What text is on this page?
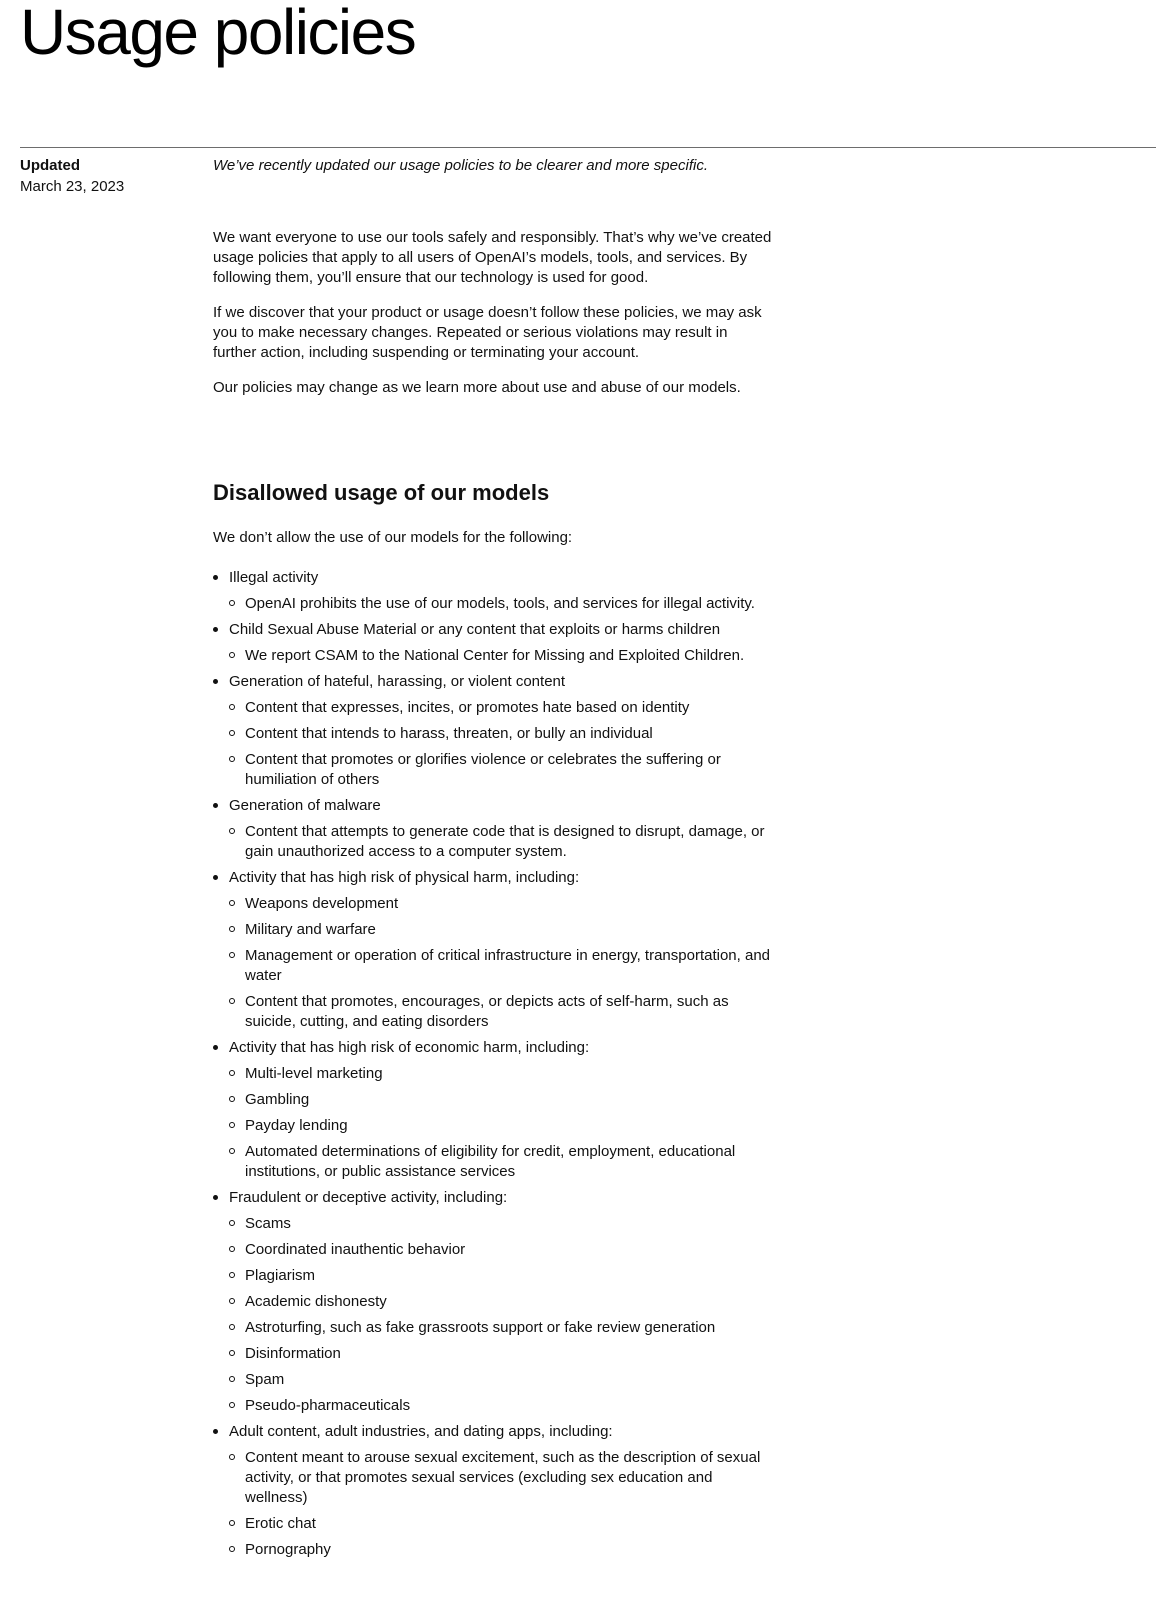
Usage policies
Updated
March 23, 2023

We’ve recently updated our usage policies to be clearer and more specific.

We want everyone to use our tools safely and responsibly. That’s why we’ve created usage policies that apply to all users of OpenAI’s models, tools, and services. By following them, you’ll ensure that our technology is used for good.

If we discover that your product or usage doesn’t follow these policies, we may ask you to make necessary changes. Repeated or serious violations may result in further action, including suspending or terminating your account.

Our policies may change as we learn more about use and abuse of our models.

Disallowed usage of our models

We don’t allow the use of our models for the following:

Illegal activity
OpenAI prohibits the use of our models, tools, and services for illegal activity.
Child Sexual Abuse Material or any content that exploits or harms children
We report CSAM to the National Center for Missing and Exploited Children.
Generation of hateful, harassing, or violent content
Content that expresses, incites, or promotes hate based on identity
Content that intends to harass, threaten, or bully an individual
Content that promotes or glorifies violence or celebrates the suffering or humiliation of others
Generation of malware
Content that attempts to generate code that is designed to disrupt, damage, or gain unauthorized access to a computer system.
Activity that has high risk of physical harm, including:
Weapons development
Military and warfare
Management or operation of critical infrastructure in energy, transportation, and water
Content that promotes, encourages, or depicts acts of self-harm, such as suicide, cutting, and eating disorders
Activity that has high risk of economic harm, including:
Multi-level marketing
Gambling
Payday lending
Automated determinations of eligibility for credit, employment, educational institutions, or public assistance services
Fraudulent or deceptive activity, including:
Scams
Coordinated inauthentic behavior
Plagiarism
Academic dishonesty
Astroturfing, such as fake grassroots support or fake review generation
Disinformation
Spam
Pseudo-pharmaceuticals
Adult content, adult industries, and dating apps, including:
Content meant to arouse sexual excitement, such as the description of sexual activity, or that promotes sexual services (excluding sex education and wellness)
Erotic chat
Pornography
